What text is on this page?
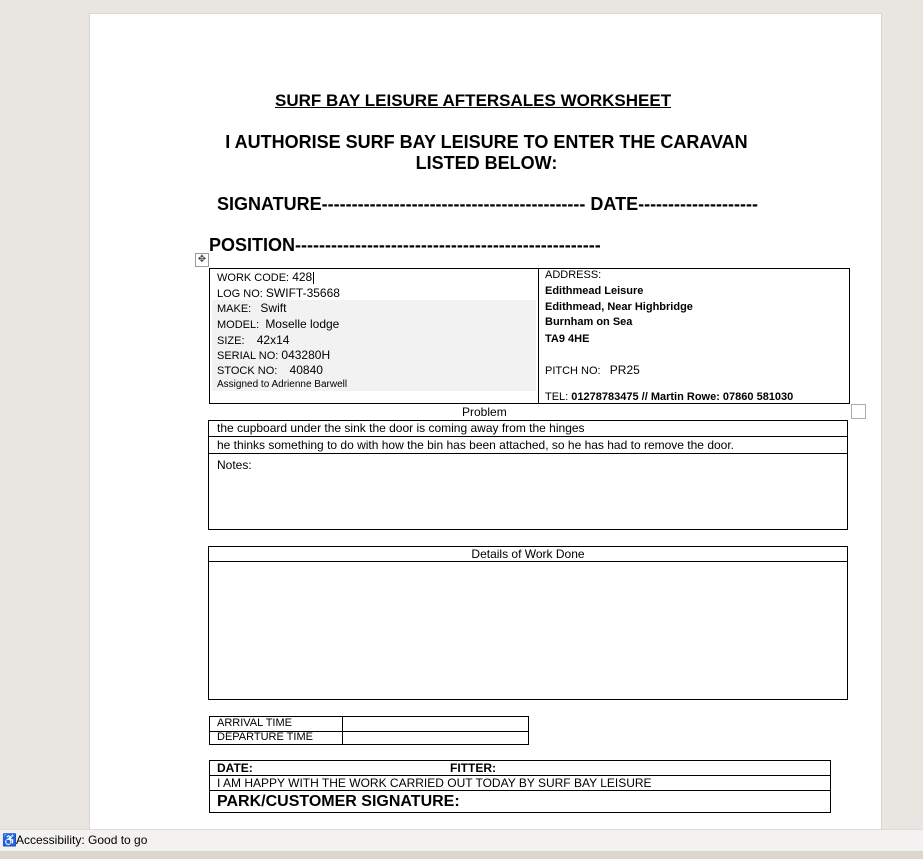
SURF BAY LEISURE AFTERSALES WORKSHEET
I AUTHORISE SURF BAY LEISURE TO ENTER THE CARAVAN LISTED BELOW:
SIGNATURE-------------------------------------------- DATE--------------------
POSITION---------------------------------------------------
✥
WORK CODE: 428
LOG NO: SWIFT-35668
MAKE: Swift
MODEL: Moselle lodge
SIZE: 42x14
SERIAL NO: 043280H
STOCK NO: 40840
Assigned to Adrienne Barwell
ADDRESS:
Edithmead Leisure
Edithmead, Near Highbridge
Burnham on Sea
TA9 4HE
PITCH NO: PR25
TEL: 01278783475 // Martin Rowe: 07860 581030
Problem
the cupboard under the sink the door is coming away from the hinges
he thinks something to do with how the bin has been attached, so he has had to remove the door.
Notes:
Details of Work Done
ARRIVAL TIME
DEPARTURE TIME
DATE:	FITTER:
I AM HAPPY WITH THE WORK CARRIED OUT TODAY BY SURF BAY LEISURE
PARK/CUSTOMER SIGNATURE:
♿Accessibility: Good to go
